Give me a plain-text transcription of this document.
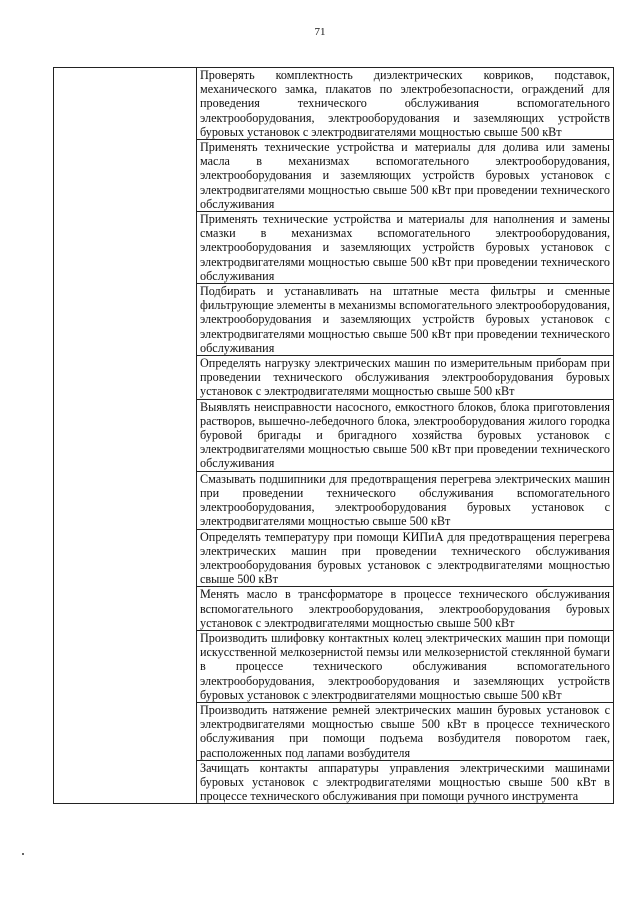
71

Проверять комплектность диэлектрических ковриков, подставок, механического замка, плакатов по электробезопасности, ограждений для проведения технического обслуживания вспомогательного электрооборудования, электрооборудования и заземляющих устройств буровых установок с электродвигателями мощностью свыше 500 кВт

Применять технические устройства и материалы для долива или замены масла в механизмах вспомогательного электрооборудования, электрооборудования и заземляющих устройств буровых установок с электродвигателями мощностью свыше 500 кВт при проведении технического обслуживания

Применять технические устройства и материалы для наполнения и замены смазки в механизмах вспомогательного электрооборудования, электрооборудования и заземляющих устройств буровых установок с электродвигателями мощностью свыше 500 кВт при проведении технического обслуживания

Подбирать и устанавливать на штатные места фильтры и сменные фильтрующие элементы в механизмы вспомогательного электрооборудования, электрооборудования и заземляющих устройств буровых установок с электродвигателями мощностью свыше 500 кВт при проведении технического обслуживания

Определять нагрузку электрических машин по измерительным приборам при проведении технического обслуживания электрооборудования буровых установок с электродвигателями мощностью свыше 500 кВт

Выявлять неисправности насосного, емкостного блоков, блока приготовления растворов, вышечно-лебедочного блока, электрооборудования жилого городка буровой бригады и бригадного хозяйства буровых установок с электродвигателями мощностью свыше 500 кВт при проведении технического обслуживания

Смазывать подшипники для предотвращения перегрева электрических машин при проведении технического обслуживания вспомогательного электрооборудования, электрооборудования буровых установок с электродвигателями мощностью свыше 500 кВт

Определять температуру при помощи КИПиА для предотвращения перегрева электрических машин при проведении технического обслуживания электрооборудования буровых установок с электродвигателями мощностью свыше 500 кВт

Менять масло в трансформаторе в процессе технического обслуживания вспомогательного электрооборудования, электрооборудования буровых установок с электродвигателями мощностью свыше 500 кВт

Производить шлифовку контактных колец электрических машин при помощи искусственной мелкозернистой пемзы или мелкозернистой стеклянной бумаги в процессе технического обслуживания вспомогательного электрооборудования, электрооборудования и заземляющих устройств буровых установок с электродвигателями мощностью свыше 500 кВт

Производить натяжение ремней электрических машин буровых установок с электродвигателями мощностью свыше 500 кВт в процессе технического обслуживания при помощи подъема возбудителя поворотом гаек, расположенных под лапами возбудителя

Зачищать контакты аппаратуры управления электрическими машинами буровых установок с электродвигателями мощностью свыше 500 кВт в процессе технического обслуживания при помощи ручного инструмента
